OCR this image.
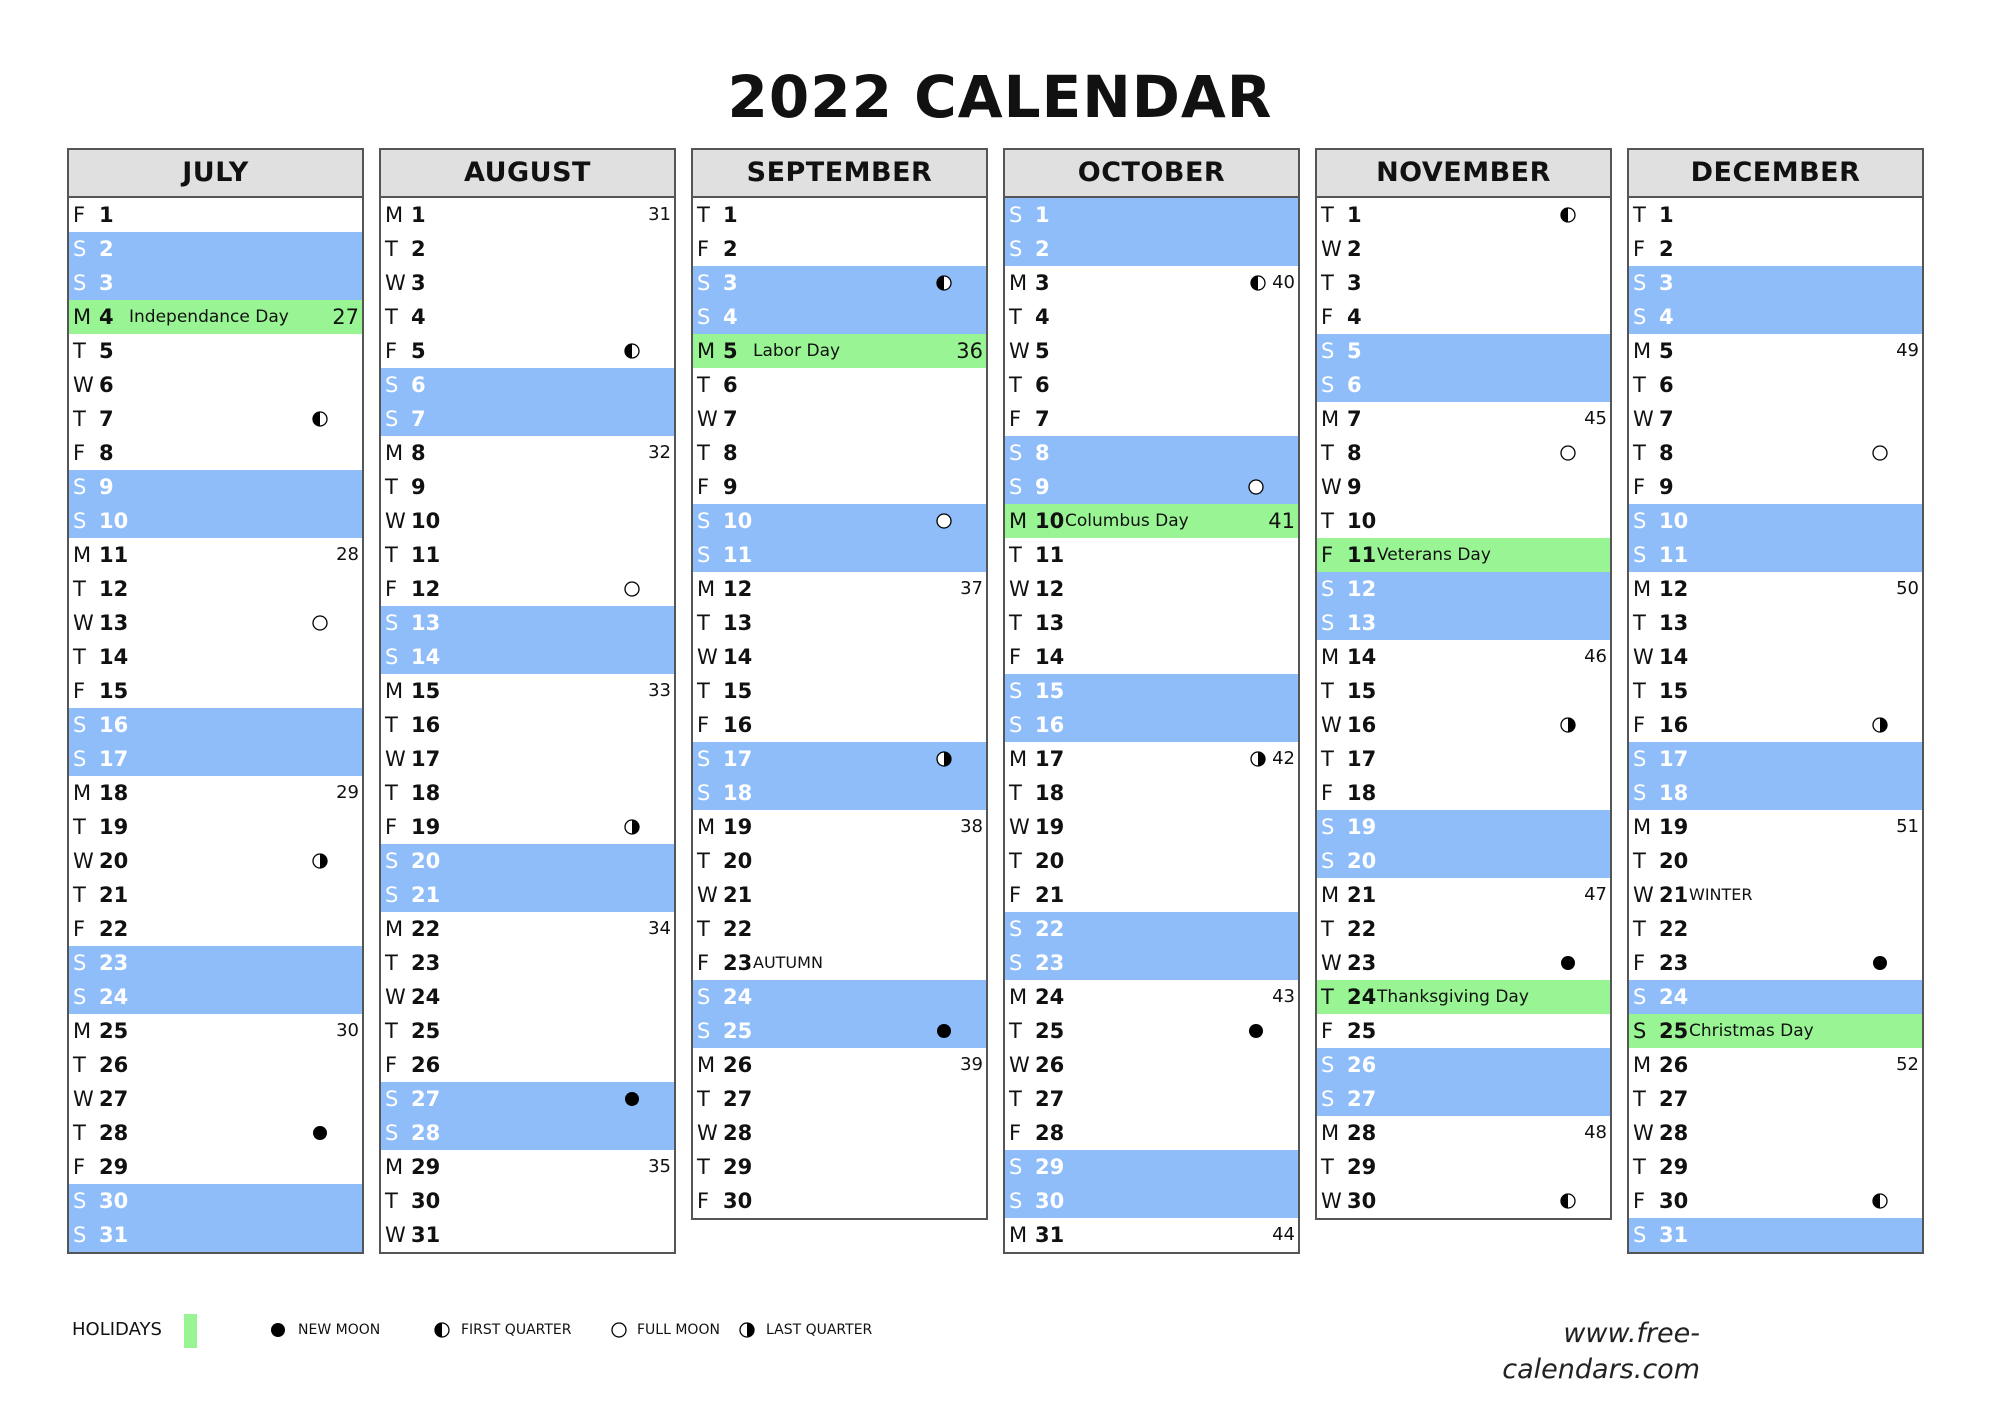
2022 CALENDAR
JULY
F 1
S 2
S 3
M 4 Independance Day 27
T 5
W 6
T 7
F 8
S 9
S 10
M 11	28
T 12
W 13
T 14
F 15
S 16
S 17
M 18	29
T 19
W 20
T 21
F 22
S 23
S 24
M 25	30
T 26
W 27
T 28
F 29
S 30
S 31
AUGUST
M 1	31
T 2
W 3
T 4
F 5
S 6
S 7
M 8	32
T 9
W 10
T 11
F 12
S 13
S 14
M 15	33
T 16
W 17
T 18
F 19
S 20
S 21
M 22	34
T 23
W 24
T 25
F 26
S 27
S 28
M 29	35
T 30
W 31
SEPTEMBER
T 1
F 2
S 3
S 4
M 5 Labor Day	36
T 6
W 7
T 8
F 9
S 10
S 11
M 12	37
T 13
W 14
T 15
F 16
S 17
S 18
M 19	38
T 20
W 21
T 22
F 23 AUTUMN
S 24
S 25
M 26	39
T 27
W 28
T 29
F 30
OCTOBER
S 1
S 2
M 3	40
T 4
W 5
T 6
F 7
S 8
S 9
M 10 Columbus Day	41
T 11
W 12
T 13
F 14
S 15
S 16
M 17	42
T 18
W 19
T 20
F 21
S 22
S 23
M 24	43
T 25
W 26
T 27
F 28
S 29
S 30
M 31	44
NOVEMBER
T 1
W 2
T 3
F 4
S 5
S 6
M 7	45
T 8
W 9
T 10
F 11 Veterans Day
S 12
S 13
M 14	46
T 15
W 16
T 17
F 18
S 19
S 20
M 21	47
T 22
W 23
T 24 Thanksgiving Day
F 25
S 26
S 27
M 28	48
T 29
W 30
DECEMBER
T 1
F 2
S 3
S 4
M 5	49
T 6
W 7
T 8
F 9
S 10
S 11
M 12	50
T 13
W 14
T 15
F 16
S 17
S 18
M 19	51
T 20
W 21 WINTER
T 22
F 23
S 24
S 25 Christmas Day
M 26	52
T 27
W 28
T 29
F 30
S 31
HOLIDAYS	NEW MOON	FIRST QUARTER	FULL MOON	LAST QUARTER	www.free-calendars.com
